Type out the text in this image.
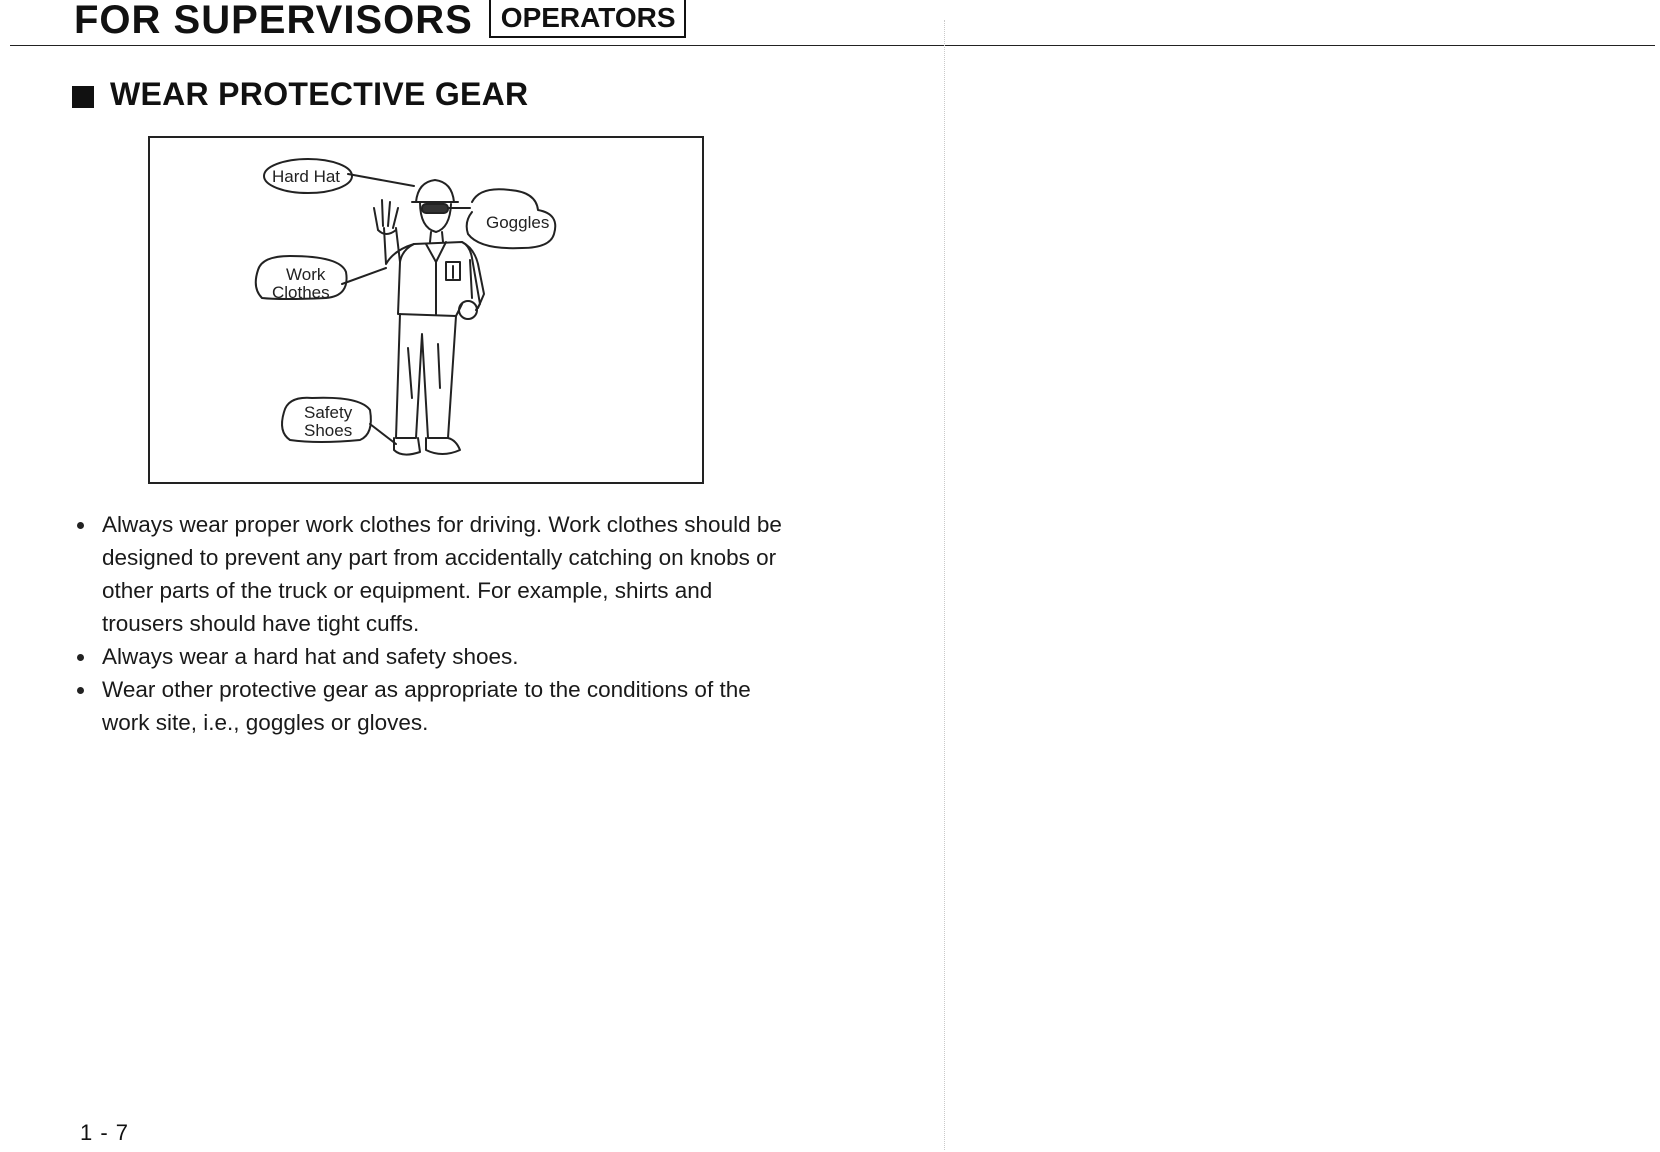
FOR SUPERVISORS	OPERATORS
WEAR PROTECTIVE GEAR
Hard Hat
Goggles
Work
Clothes
Safety
Shoes
Always wear proper work clothes for driving. Work clothes should be designed to prevent any part from accidentally catching on knobs or other parts of the truck or equipment. For example, shirts and trousers should have tight cuffs.
Always wear a hard hat and safety shoes.
Wear other protective gear as appropriate to the conditions of the work site, i.e., goggles or gloves.
1 - 7
